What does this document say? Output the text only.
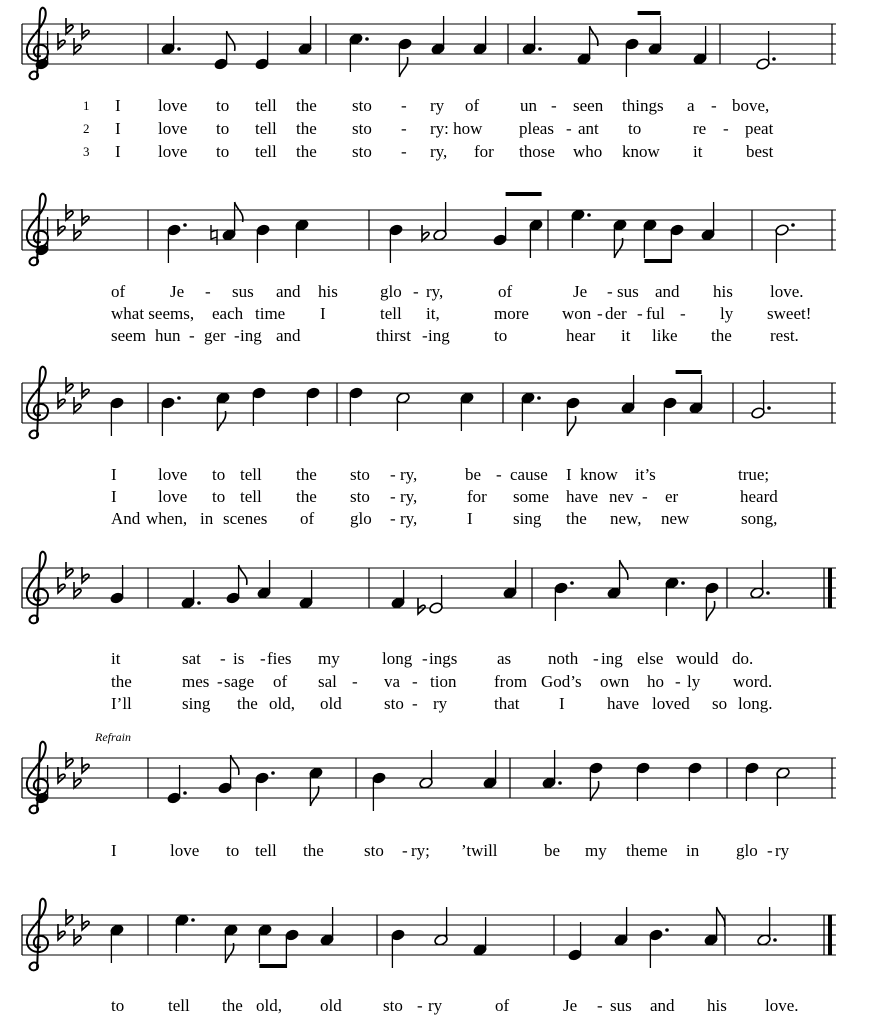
1 I love to tell the sto - ry of un - seen things a - bove,
2 I love to tell the sto - ry: how pleas - ant to	re - peat
3 I love to tell the sto - ry, for those who know it	best
of	Je - sus and his glo - ry,	of	Je - sus and his love.
what seems, each time I	tell it,	more won - der - ful - ly sweet!
seem hun - ger - ing and	thirst - ing	to	hear it like the rest.
I love to tell the sto - ry,	be - cause I know it’s	true;
I love to tell the sto - ry,	for some have nev - er	heard
And when, in scenes of glo - ry,	I sing the new, new	song,
it	sat - is - fies my long - ings as noth - ing else would do.
the	mes - sage of sal - va - tion from God’s own ho - ly word.
I’ll	sing the old, old sto - ry	that I have loved so long.
I	love to tell the sto - ry; ’twill	be my theme in glo - ry
Refrain
to	tell the old, old sto - ry	of	Je - sus and his love.
